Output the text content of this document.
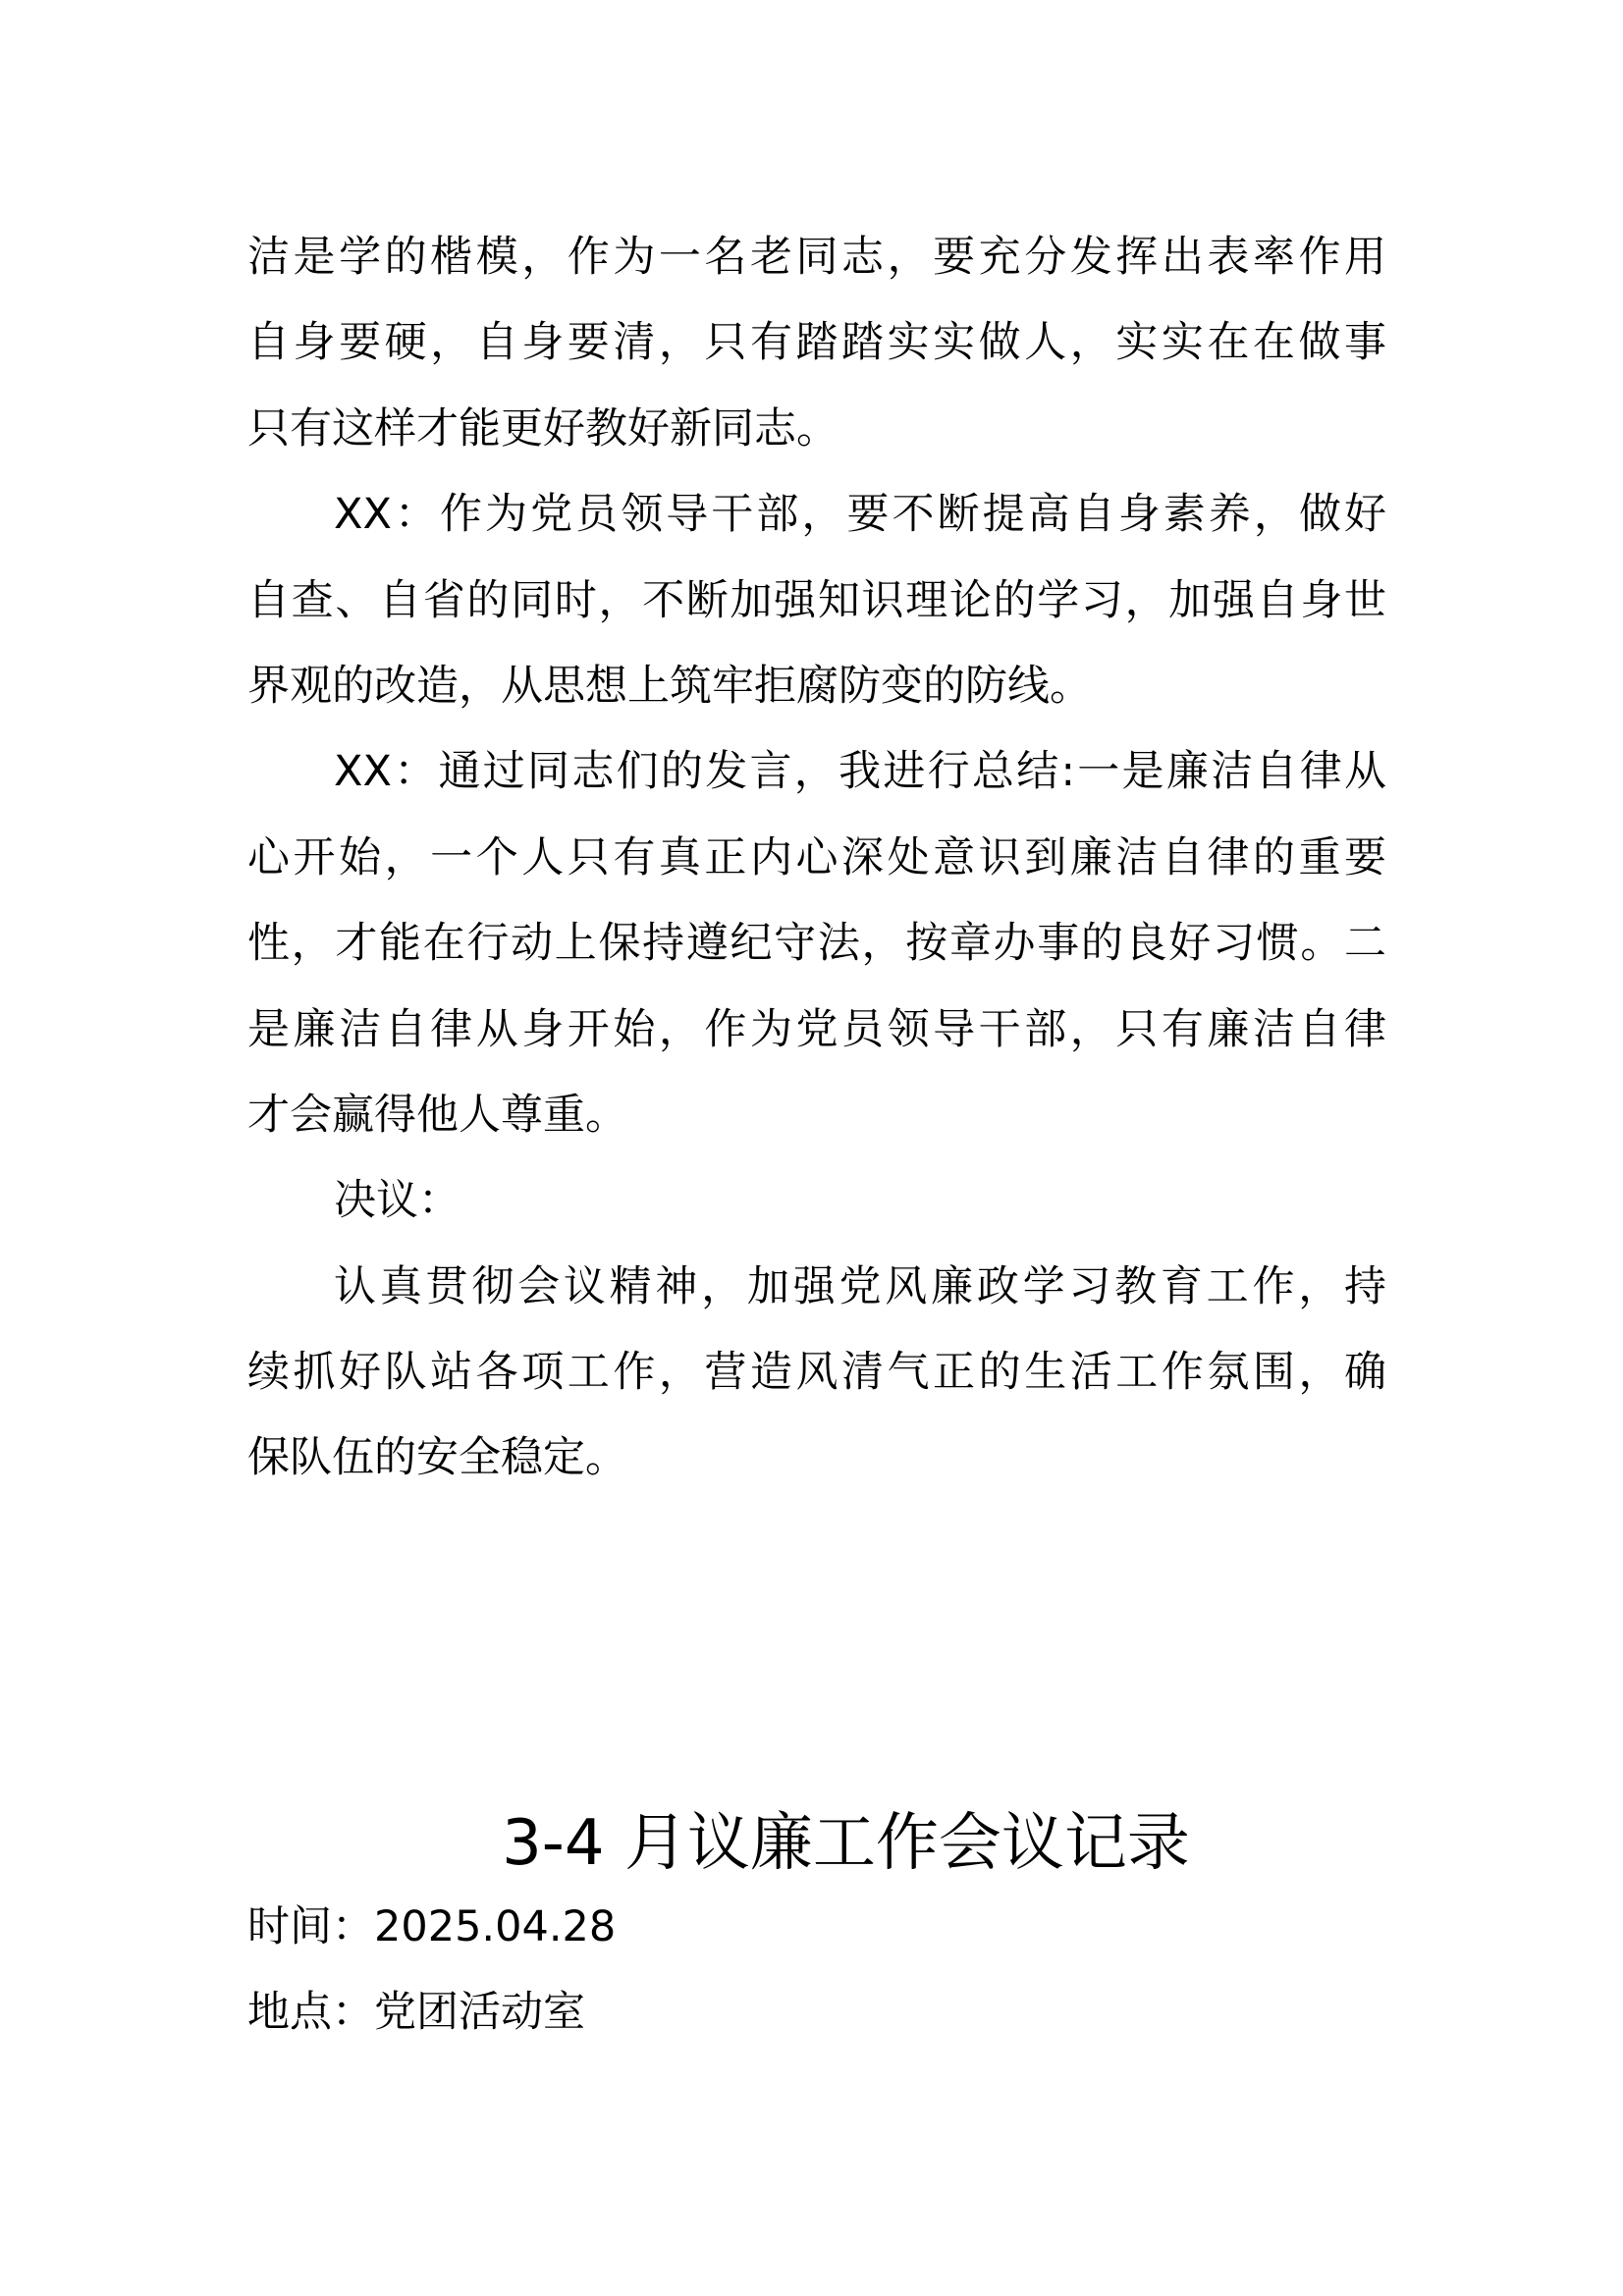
洁是学的楷模，作为一名老同志，要充分发挥出表率作用
自身要硬，自身要清，只有踏踏实实做人，实实在在做事
只有这样才能更好教好新同志。
XX：作为党员领导干部，要不断提高自身素养，做好
自查、自省的同时，不断加强知识理论的学习，加强自身世
界观的改造，从思想上筑牢拒腐防变的防线。
XX：通过同志们的发言，我进行总结:一是廉洁自律从
心开始，一个人只有真正内心深处意识到廉洁自律的重要
性，才能在行动上保持遵纪守法，按章办事的良好习惯。二
是廉洁自律从身开始，作为党员领导干部，只有廉洁自律
才会赢得他人尊重。
决议：
认真贯彻会议精神，加强党风廉政学习教育工作，持
续抓好队站各项工作，营造风清气正的生活工作氛围，确
保队伍的安全稳定。
3-4 月议廉工作会议记录
时间：2025.04.28
地点：党团活动室
